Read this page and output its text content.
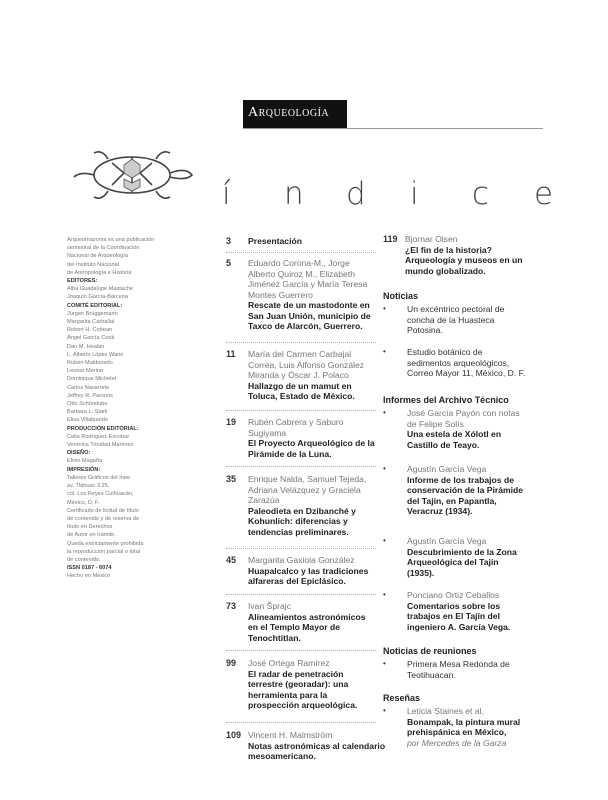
Arqueología
í n d i c e
Arqueomazonía es una publicación
semestral de la Coordinación
Nacional de Arqueología
del Instituto Nacional
de Antropología e Historia
EDITORES:
Alba Guadalupe Mastache
Joaquín García-Bárcena
COMITÉ EDITORIAL:
Jürgen Brüggemann
Margarita Carballal
Robert H. Cobean
Ángel García Cook
Dan M. Healan
L. Alberto López Wario
Rubén Maldonado
Leonor Merino
Dominique Michelet
Carlos Navarrete
Jeffrey R. Parsons
Otto Schöndube
Barbara L. Stark
Elisa Villalpando
PRODUCCIÓN EDITORIAL:
Celia Rodríguez Escobar
Verónica Trinidad Martínez
DISEÑO:
Efrén Magaña
IMPRESIÓN:
Talleres Gráficos del Inee
av. Tláhuac 3.25,
col. Los Reyes Culhuacán,
México, D. F.
Certificado de licitud de título
de contenido y de reserva de
título en Derechos
de Autor en trámite.
Queda estrictamente prohibida
la reproducción parcial o total
de contenido.
ISSN 0187 - 6074
Hecho en México
3 Presentación
5 Eduardo Corona-M., Jorge Alberto Quiroz M., Elizabeth Jiménez García y María Teresa Montes Guerrero
Rescate de un mastodonte en San Juan Unión, municipio de Taxco de Alarcón, Guerrero.
11 María del Carmen Carbajal Correa, Luis Alfonso González Miranda y Óscar J. Polaco
Hallazgo de un mamut en Toluca, Estado de México.
19 Rubén Cabrera y Saburo Sugiyama
El Proyecto Arqueológico de la Pirámide de la Luna.
35 Enrique Nalda, Samuel Tejeda, Adriana Velázquez y Graciela Zarazúa
Paleodieta en Dzibanché y Kohunlich: diferencias y tendencias preliminares.
45 Margarita Gaxiola González
Huapalcalco y las tradiciones alfareras del Epiclásico.
73 Ivan Šprajc
Alineamientos astronómicos en el Templo Mayor de Tenochtitlan.
99 José Ortega Ramírez
El radar de penetración terrestre (georadar): una herramienta para la prospección arqueológica.
109 Vincent H. Malmström
Notas astronómicas al calendario mesoamericano.
119 Bjornar Olsen
¿El fin de la historia? Arqueología y museos en un mundo globalizado.
Noticias
• Un excéntrico pectoral de concha de la Huasteca Potosina.
• Estudio botánico de sedimentos arqueológicos, Correo Mayor 11, México, D. F.
Informes del Archivo Técnico
• José García Payón con notas de Felipe Solís
Una estela de Xólotl en Castillo de Teayo.
• Agustín García Vega
Informe de los trabajos de conservación de la Pirámide del Tajín, en Papantla, Veracruz (1934).
• Agustín García Vega
Descubrimiento de la Zona Arqueológica del Tajín (1935).
• Ponciano Ortiz Ceballos
Comentarios sobre los trabajos en El Tajín del ingeniero A. García Vega.
Noticias de reuniones
• Primera Mesa Redonda de Teotihuacan.
Reseñas
• Leticia Staines et al.
Bonampak, la pintura mural prehispánica en México,
por Mercedes de la Garza
